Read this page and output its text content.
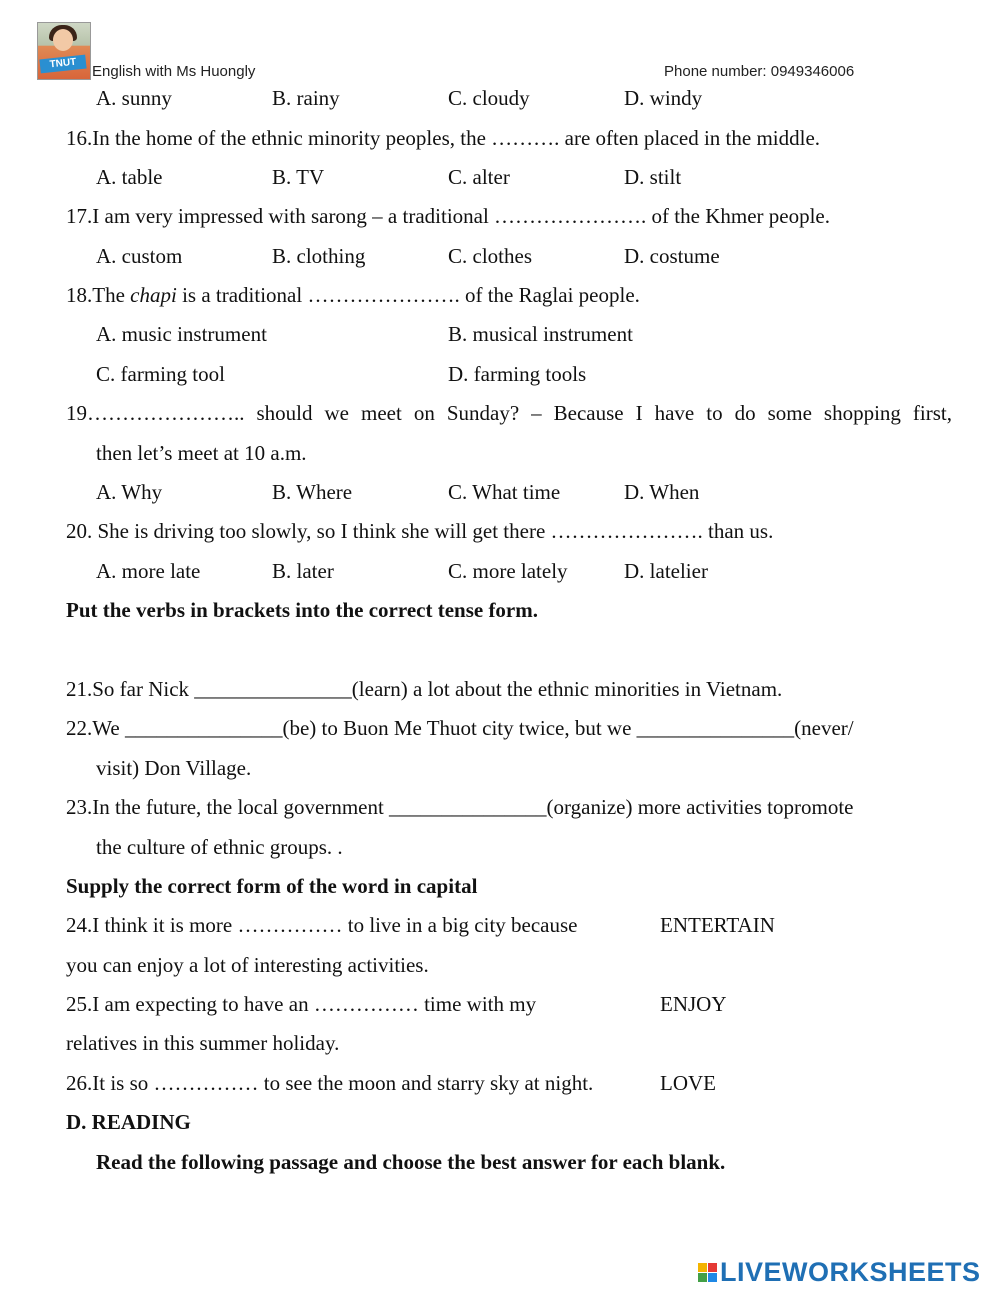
TNUT	English with Ms Huongly	Phone number: 0949346006
A. sunny	B. rainy	C. cloudy	D. windy
16.In the home of the ethnic minority peoples, the ………. are often placed in the middle.
A. table	B. TV	C. alter	D. stilt
17.I am very impressed with sarong – a traditional …………………. of the Khmer people.
A. custom	B. clothing	C. clothes	D. costume
18.The chapi is a traditional …………………. of the Raglai people.
A. music instrument	B. musical instrument
C. farming tool	D. farming tools
19………………….. should we meet on Sunday? – Because I have to do some shopping first,
then let’s meet at 10 a.m.
A. Why	B. Where	C. What time	D. When
20. She is driving too slowly, so I think she will get there …………………. than us.
A. more late	B. later	C. more lately	D. latelier
Put the verbs in brackets into the correct tense form.
21.So far Nick _______________(learn) a lot about the ethnic minorities in Vietnam.
22.We _______________(be) to Buon Me Thuot city twice, but we _______________(never/
visit) Don Village.
23.In the future, the local government _______________(organize) more activities topromote
the culture of ethnic groups. .
Supply the correct form of the word in capital
24.I think it is more …………… to live in a big city because	ENTERTAIN
you can enjoy a lot of interesting activities.
25.I am expecting to have an …………… time with my	ENJOY
relatives in this summer holiday.
26.It is so …………… to see the moon and starry sky at night.	LOVE
D. READING
Read the following passage and choose the best answer for each blank.
LIVEWORKSHEETS
